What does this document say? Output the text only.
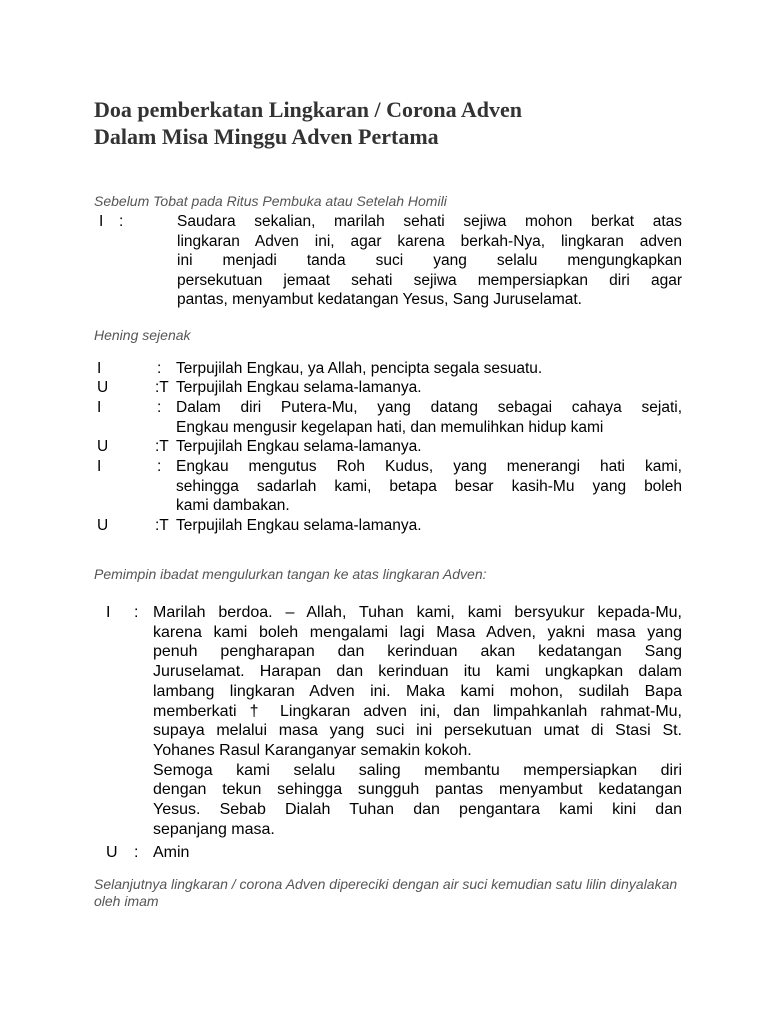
Doa pemberkatan Lingkaran / Corona Adven
Dalam Misa Minggu Adven Pertama
Sebelum Tobat pada Ritus Pembuka atau Setelah Homili
I :	Saudara sekalian, marilah sehati sejiwa mohon berkat atas
lingkaran Adven ini, agar karena berkah-Nya, lingkaran adven
ini menjadi tanda suci yang selalu mengungkapkan
persekutuan jemaat sehati sejiwa mempersiapkan diri agar
pantas, menyambut kedatangan Yesus, Sang Juruselamat.
Hening sejenak
I	: Terpujilah Engkau, ya Allah, pencipta segala sesuatu.
U	:T Terpujilah Engkau selama-lamanya.
I	: Dalam diri Putera-Mu, yang datang sebagai cahaya sejati,
Engkau mengusir kegelapan hati, dan memulihkan hidup kami
U	:T Terpujilah Engkau selama-lamanya.
I	: Engkau mengutus Roh Kudus, yang menerangi hati kami,
sehingga sadarlah kami, betapa besar kasih-Mu yang boleh
kami dambakan.
U	:T Terpujilah Engkau selama-lamanya.
Pemimpin ibadat mengulurkan tangan ke atas lingkaran Adven:
I : Marilah berdoa. – Allah, Tuhan kami, kami bersyukur kepada-Mu,
karena kami boleh mengalami lagi Masa Adven, yakni masa yang
penuh pengharapan dan kerinduan akan kedatangan Sang
Juruselamat. Harapan dan kerinduan itu kami ungkapkan dalam
lambang lingkaran Adven ini. Maka kami mohon, sudilah Bapa
memberkati † Lingkaran adven ini, dan limpahkanlah rahmat-Mu,
supaya melalui masa yang suci ini persekutuan umat di Stasi St.
Yohanes Rasul Karanganyar semakin kokoh.
Semoga kami selalu saling membantu mempersiapkan diri
dengan tekun sehingga sungguh pantas menyambut kedatangan
Yesus. Sebab Dialah Tuhan dan pengantara kami kini dan
sepanjang masa.
U : Amin
Selanjutnya lingkaran / corona Adven dipereciki dengan air suci kemudian satu lilin dinyalakan oleh imam
